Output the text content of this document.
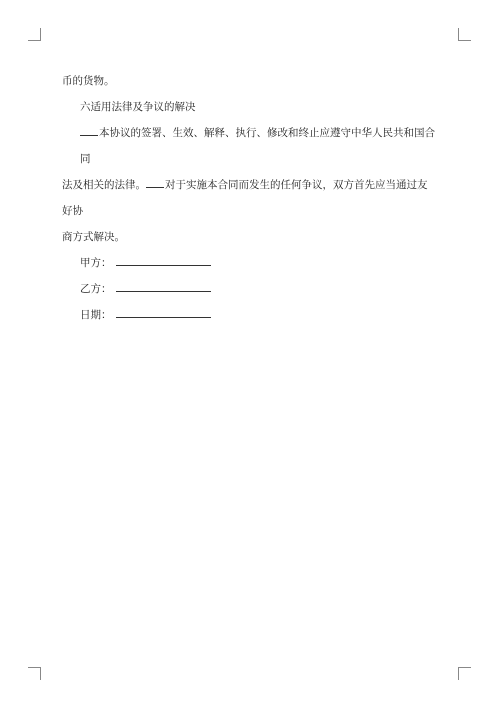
币的货物。

六适用法律及争议的解决

本协议的签署、生效、解释、执行、修改和终止应遵守中华人民共和国合同

法及相关的法律。 对于实施本合同而发生的任何争议，双方首先应当通过友好协

商方式解决。

甲方：

乙方：

日期：
